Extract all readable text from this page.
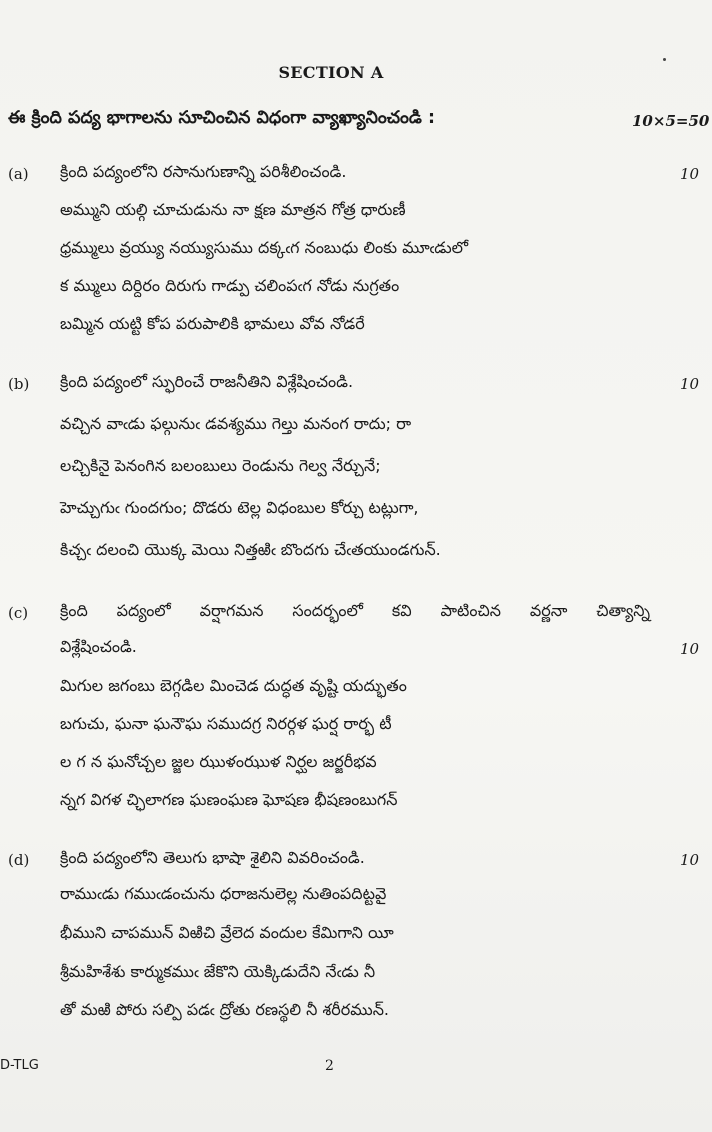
SECTION A
ఈ క్రింది పద్య భాగాలను సూచించిన విధంగా వ్యాఖ్యానించండి :	10×5=50
(a) క్రింది పద్యంలోని రసానుగుణాన్ని పరిశీలించండి.	10
అమ్ముని యల్గి చూచుడును నా క్షణ మాత్రన గోత్ర ధారుణీ
ధ్రమ్ములు వ్రయ్యు నయ్యుసుము దక్కఁగ నంబుధు లింకు మూఁడులో
క మ్ములు దిర్దిరం దిరుగు గాడ్పు చలింపఁగ నోడు నుగ్రతం
బమ్మిన యట్టి కోప పరుపాలికి భామలు వోవ నోడరే
(b) క్రింది పద్యంలో స్ఫురించే రాజనీతిని విశ్లేషించండి.	10
వచ్చిన వాఁడు ఫల్గునుఁ డవశ్యము గెల్తు మనంగ రాదు; రా
లచ్చికినై పెనంగిన బలంబులు రెండును గెల్వ నేర్చునే;
హెచ్చుగుఁ గుందగుం; దొడరు టెల్ల విధంబుల కోర్చు టట్లుగా,
కిచ్చఁ దలంచి యొక్క మెయి నిత్తఱిఁ బొందగు చేఁతయుండగున్.
(c) క్రింది పద్యంలో వర్షాగమన సందర్భంలో కవి పాటించిన వర్ణనా చిత్యాన్ని
విశ్లేషించండి.	10
మిగుల జగంబు బెగ్గడిల మించెడ దుద్ధత వృష్టి యద్భుతం
బగుచు, ఘనా ఘనౌఘ సముదగ్ర నిరర్గళ ఘర్ష రార్భ టీ
ల గ న ఘనోచ్చల జ్జల ఝుళంఝుళ నిర్ఘల జర్జరీభవ
న్నగ విగళ చ్ఛిలాగణ ఘణంఘణ ఘోషణ భీషణంబుగన్
(d) క్రింది పద్యంలోని తెలుగు భాషా శైలిని వివరించండి.	10
రాముఁడు గముఁడంచును ధరాజనులెల్ల నుతింపదిట్టవై
భీముని చాపమున్ విఱిచి వ్రేలెద వందుల కేమిగాని యీ
శ్రీమహిశేశు కార్ముకముఁ జేకొని యెక్కిడుదేని నేఁడు నీ
తో మఱి పోరు సల్పి పడఁ ద్రోతు రణస్థలి నీ శరీరమున్.
D-TLG	2
